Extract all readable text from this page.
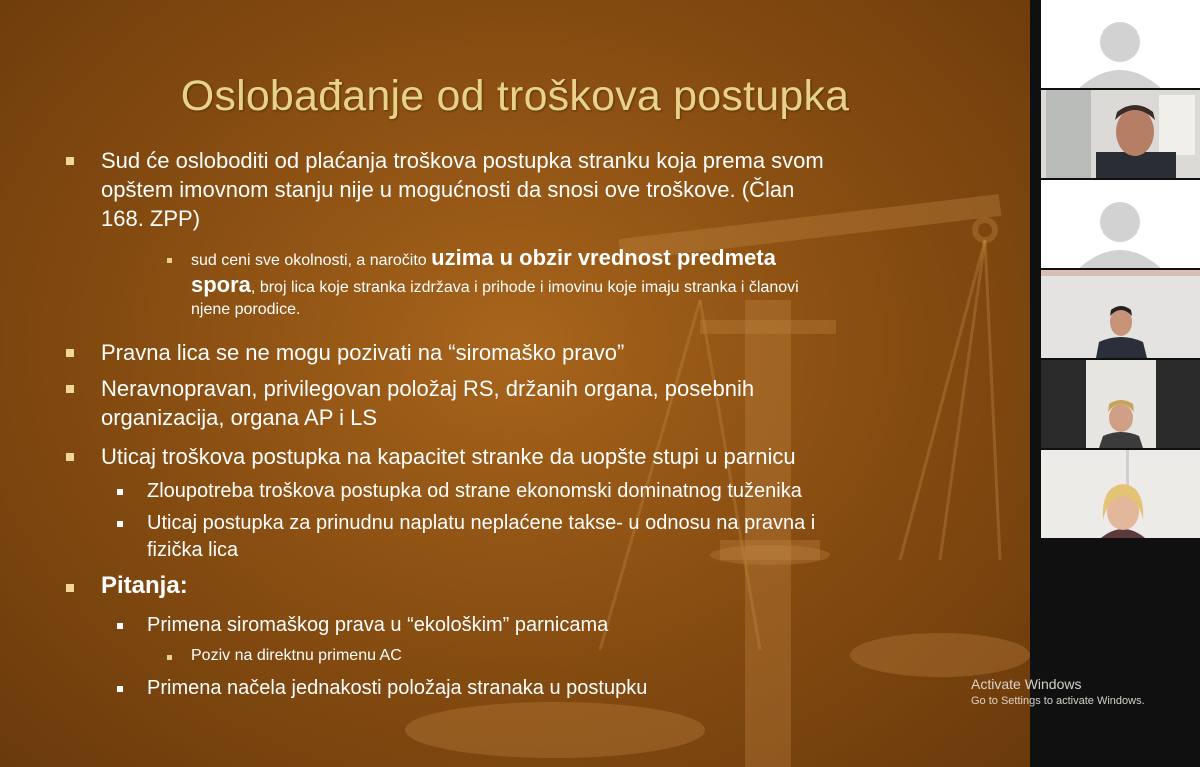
Oslobađanje od troškova postupka
Sud će osloboditi od plaćanja troškova postupka stranku koja prema svom
opštem imovnom stanju nije u mogućnosti da snosi ove troškove. (Član
168. ZPP)
sud ceni sve okolnosti, a naročito uzima u obzir vrednost predmeta
spora, broj lica koje stranka izdržava i prihode i imovinu koje imaju stranka i članovi
njene porodice.
Pravna lica se ne mogu pozivati na “siromaško pravo”
Neravnopravan, privilegovan položaj RS, držanih organa, posebnih
organizacija, organa AP i LS
Uticaj troškova postupka na kapacitet stranke da uopšte stupi u parnicu
Zloupotreba troškova postupka od strane ekonomski dominatnog tuženika
Uticaj postupka za prinudnu naplatu neplaćene takse- u odnosu na pravna i
fizička lica
Pitanja:
Primena siromaškog prava u “ekološkim” parnicama
Poziv na direktnu primenu AC
Primena načela jednakosti položaja stranaka u postupku	Activate Windows
Go to Settings to activate Windows.
